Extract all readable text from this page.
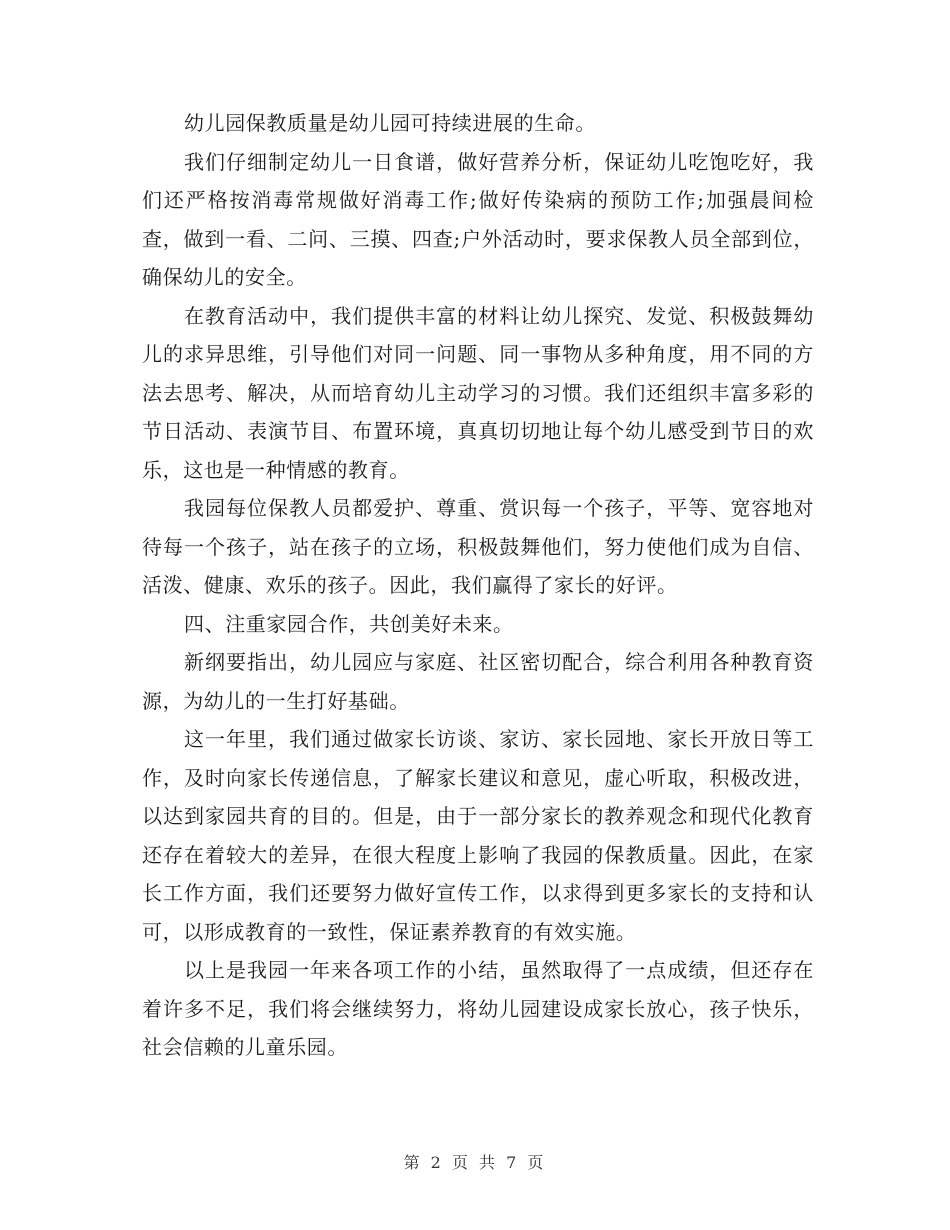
幼儿园保教质量是幼儿园可持续进展的生命。

我们仔细制定幼儿一日食谱，做好营养分析，保证幼儿吃饱吃好，我们还严格按消毒常规做好消毒工作;做好传染病的预防工作;加强晨间检查，做到一看、二问、三摸、四查;户外活动时，要求保教人员全部到位，确保幼儿的安全。

在教育活动中，我们提供丰富的材料让幼儿探究、发觉、积极鼓舞幼儿的求异思维，引导他们对同一问题、同一事物从多种角度，用不同的方法去思考、解决，从而培育幼儿主动学习的习惯。我们还组织丰富多彩的节日活动、表演节目、布置环境，真真切切地让每个幼儿感受到节日的欢乐，这也是一种情感的教育。

我园每位保教人员都爱护、尊重、赏识每一个孩子，平等、宽容地对待每一个孩子，站在孩子的立场，积极鼓舞他们，努力使他们成为自信、活泼、健康、欢乐的孩子。因此，我们赢得了家长的好评。

四、注重家园合作，共创美好未来。

新纲要指出，幼儿园应与家庭、社区密切配合，综合利用各种教育资源，为幼儿的一生打好基础。

这一年里，我们通过做家长访谈、家访、家长园地、家长开放日等工作，及时向家长传递信息，了解家长建议和意见，虚心听取，积极改进，以达到家园共育的目的。但是，由于一部分家长的教养观念和现代化教育还存在着较大的差异，在很大程度上影响了我园的保教质量。因此，在家长工作方面，我们还要努力做好宣传工作，以求得到更多家长的支持和认可，以形成教育的一致性，保证素养教育的有效实施。

以上是我园一年来各项工作的小结，虽然取得了一点成绩，但还存在着许多不足，我们将会继续努力，将幼儿园建设成家长放心，孩子快乐，社会信赖的儿童乐园。

第 2 页 共 7 页
